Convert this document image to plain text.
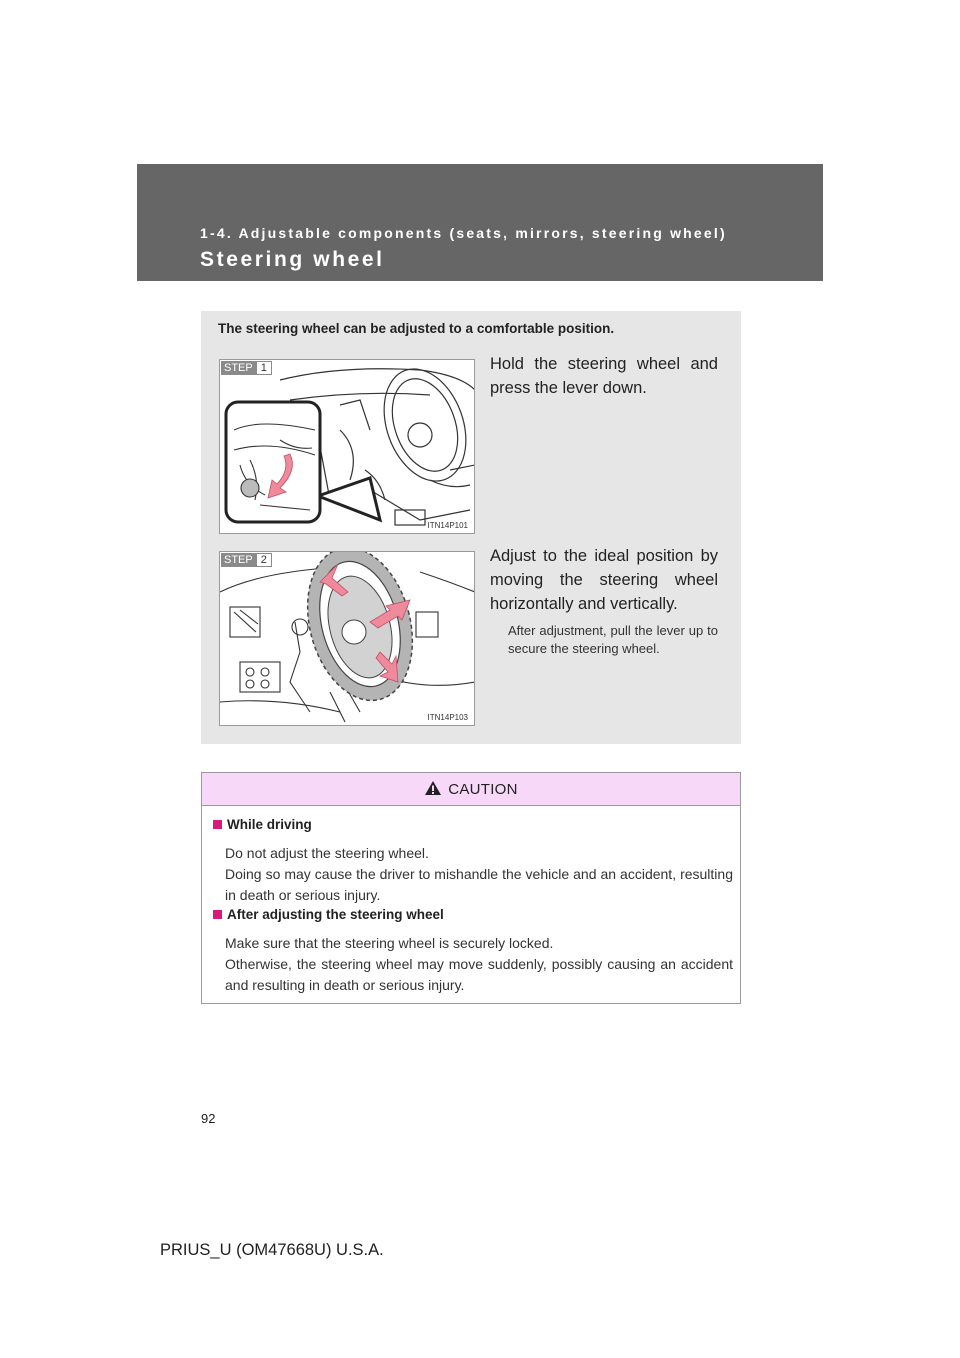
1-4. Adjustable components (seats, mirrors, steering wheel)
Steering wheel
The steering wheel can be adjusted to a comfortable position.
STEP 1
ITN14P101
Hold the steering wheel and press the lever down.
STEP 2
ITN14P103
Adjust to the ideal position by moving the steering wheel horizontally and vertically.
After adjustment, pull the lever up to secure the steering wheel.
CAUTION
While driving
Do not adjust the steering wheel.
Doing so may cause the driver to mishandle the vehicle and an accident, resulting in death or serious injury.
After adjusting the steering wheel
Make sure that the steering wheel is securely locked.
Otherwise, the steering wheel may move suddenly, possibly causing an accident and resulting in death or serious injury.
92
PRIUS_U (OM47668U) U.S.A.
